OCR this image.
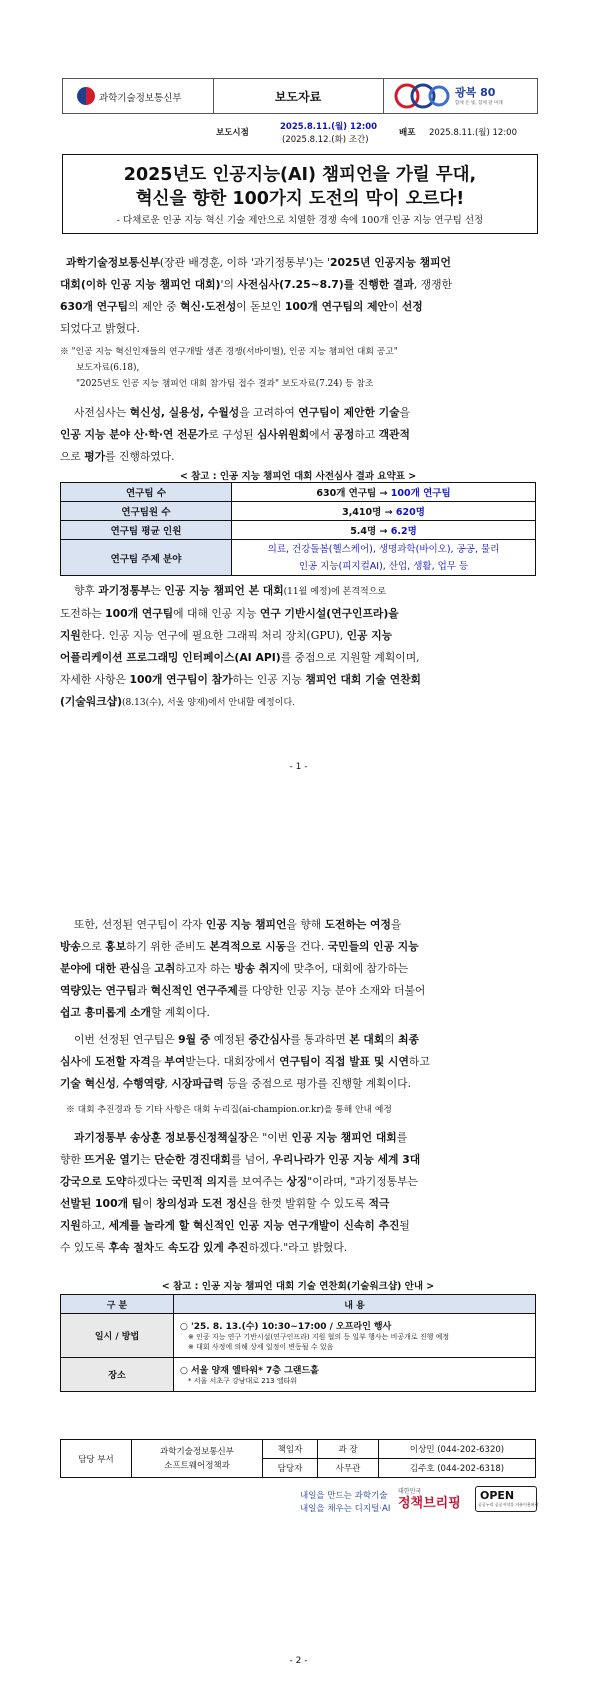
과학기술정보통신부	보도자료	광복 80
함께 온 빛, 함께 갈 미래
보도시점
2025.8.11.(월) 12:00
(2025.8.12.(화) 조간)
배포 2025.8.11.(월) 12:00
2025년도 인공지능(AI) 챔피언을 가릴 무대,
혁신을 향한 100가지 도전의 막이 오르다!
- 다채로운 인공 지능 혁신 기술 제안으로 치열한 경쟁 속에 100개 인공 지능 연구팀 선정
과학기술정보통신부(장관 배경훈, 이하 '과기정통부')는 '2025년 인공지능 챔피언
대회(이하 인공 지능 챔피언 대회)'의 사전심사(7.25~8.7)를 진행한 결과, 쟁쟁한
630개 연구팀의 제안 중 혁신·도전성이 돋보인 100개 연구팀의 제안이 선정
되었다고 밝혔다.
※ "인공 지능 혁신인재들의 연구개발 생존 경쟁(서바이벌), 인공 지능 챔피언 대회 공고"
보도자료(6.18),
"2025년도 인공 지능 챔피언 대회 참가팀 접수 결과" 보도자료(7.24) 등 참조
사전심사는 혁신성, 실용성, 수월성을 고려하여 연구팀이 제안한 기술을
인공 지능 분야 산·학·연 전문가로 구성된 심사위원회에서 공정하고 객관적
으로 평가를 진행하였다.
< 참고 : 인공 지능 챔피언 대회 사전심사 결과 요약표 >
연구팀 수	630개 연구팀 → 100개 연구팀
연구팀원 수	3,410명 → 620명
연구팀 평균 인원	5.4명 → 6.2명
연구팀 주제 분야	의료, 건강돌봄(헬스케어), 생명과학(바이오), 공공, 물리
인공 지능(피지컬AI), 산업, 생활, 업무 등
향후 과기정통부는 인공 지능 챔피언 본 대회(11월 예정)에 본격적으로
도전하는 100개 연구팀에 대해 인공 지능 연구 기반시설(연구인프라)을
지원한다. 인공 지능 연구에 필요한 그래픽 처리 장치(GPU), 인공 지능
어플리케이션 프로그래밍 인터페이스(AI API)를 중점으로 지원할 계획이며,
자세한 사항은 100개 연구팀이 참가하는 인공 지능 챔피언 대회 기술 연찬회
(기술워크샵)(8.13(수), 서울 양재)에서 안내할 예정이다.
- 1 -
또한, 선정된 연구팀이 각자 인공 지능 챔피언을 향해 도전하는 여정을
방송으로 홍보하기 위한 준비도 본격적으로 시동을 건다. 국민들의 인공 지능
분야에 대한 관심을 고취하고자 하는 방송 취지에 맞추어, 대회에 참가하는
역량있는 연구팀과 혁신적인 연구주제를 다양한 인공 지능 분야 소재와 더불어
쉽고 흥미롭게 소개할 계획이다.
이번 선정된 연구팀은 9월 중 예정된 중간심사를 통과하면 본 대회의 최종
심사에 도전할 자격을 부여받는다. 대회장에서 연구팀이 직접 발표 및 시연하고
기술 혁신성, 수행역량, 시장파급력 등을 중점으로 평가를 진행할 계획이다.
※ 대회 추진경과 등 기타 사항은 대회 누리집(ai-champion.or.kr)을 통해 안내 예정
과기정통부 송상훈 정보통신정책실장은 "이번 인공 지능 챔피언 대회를
향한 뜨거운 열기는 단순한 경진대회를 넘어, 우리나라가 인공 지능 세계 3대
강국으로 도약하겠다는 국민적 의지를 보여주는 상징"이라며, "과기정통부는
선발된 100개 팀이 창의성과 도전 정신을 한껏 발휘할 수 있도록 적극
지원하고, 세계를 놀라게 할 혁신적인 인공 지능 연구개발이 신속히 추진될
수 있도록 후속 절차도 속도감 있게 추진하겠다."라고 밝혔다.
< 참고 : 인공 지능 챔피언 대회 기술 연찬회(기술워크샵) 안내 >
구 분	내 용
일시 / 방법	○ '25. 8. 13.(수) 10:30~17:00 / 오프라인 행사
※ 인공 지능 연구 기반시설(연구인프라) 지원 협의 등 일부 행사는 비공개로 진행 예정
※ 대회 사정에 의해 상세 일정이 변동될 수 있음

장소	○ 서울 양재 엘타워* 7층 그랜드홀
* 서울 서초구 강남대로 213 엘타워
담당 부서	과학기술정보통신부
소프트웨어정책과	책임자	과 장	이상민 (044-202-6320)
		담당자	사무관	김주호 (044-202-6318)
내일을 만드는 과학기술
내일을 채우는 디지털·AI
대한민국
정책브리핑
OPEN
공공누리 공공저작물 자유이용허락
- 2 -
